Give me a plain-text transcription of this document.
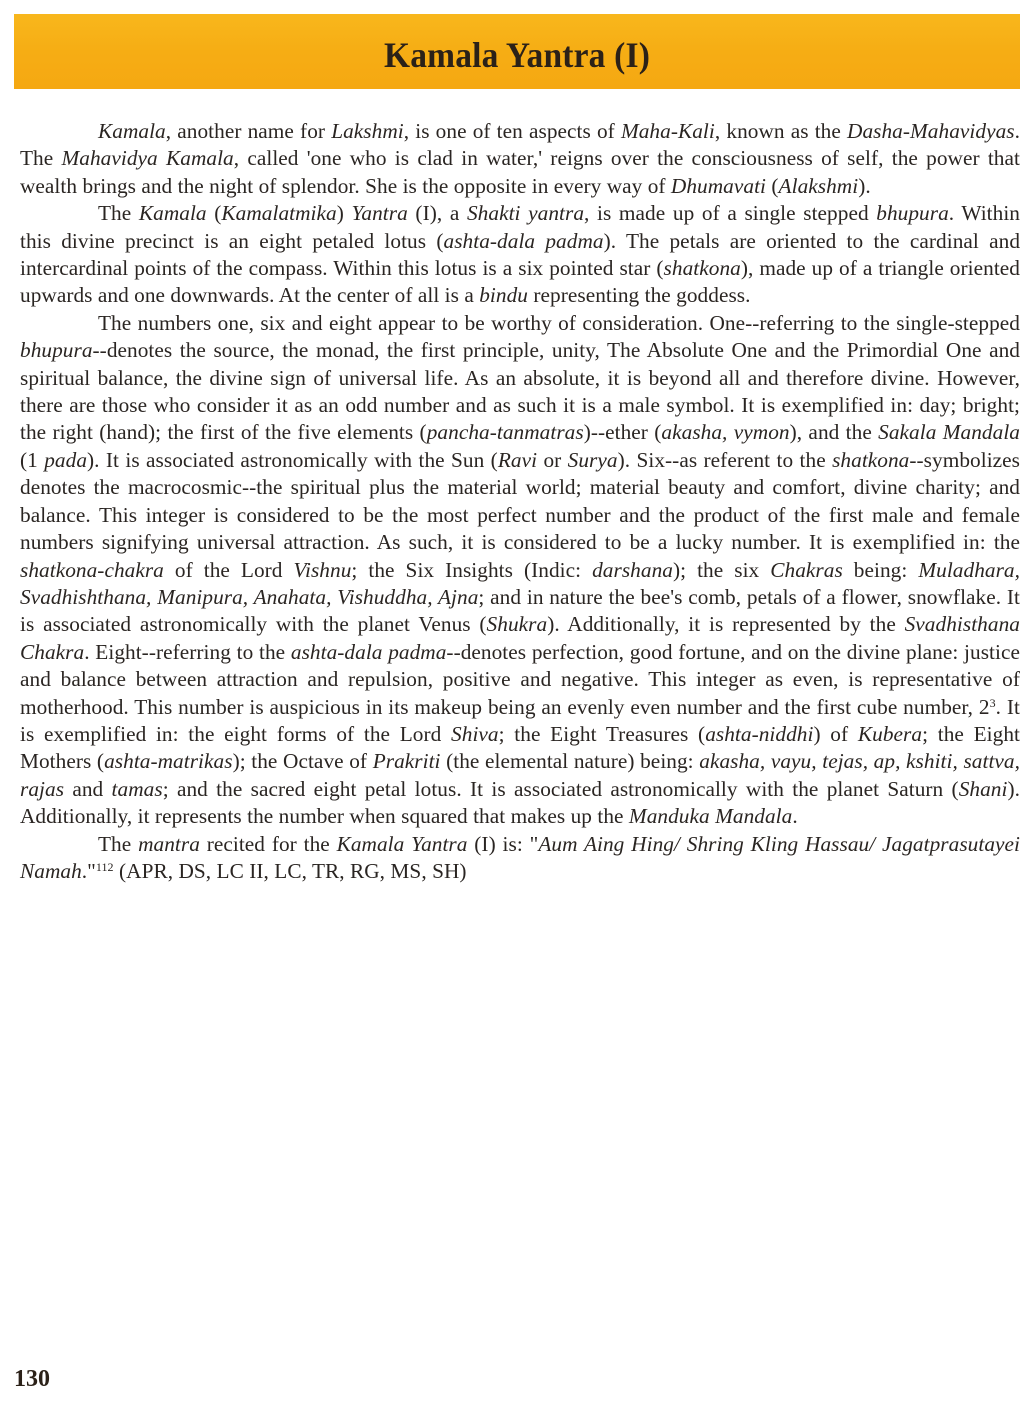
Kamala Yantra (I)

Kamala, another name for Lakshmi, is one of ten aspects of Maha-Kali, known as the Dasha-Mahavidyas. The Mahavidya Kamala, called 'one who is clad in water,' reigns over the consciousness of self, the power that wealth brings and the night of splendor. She is the opposite in every way of Dhumavati (Alakshmi).

The Kamala (Kamalatmika) Yantra (I), a Shakti yantra, is made up of a single stepped bhupura. Within this divine precinct is an eight petaled lotus (ashta-dala padma). The petals are oriented to the cardinal and intercardinal points of the compass. Within this lotus is a six pointed star (shatkona), made up of a triangle oriented upwards and one downwards. At the center of all is a bindu representing the goddess.

The numbers one, six and eight appear to be worthy of consideration. One--referring to the single-stepped bhupura--denotes the source, the monad, the first principle, unity, The Absolute One and the Primordial One and spiritual balance, the divine sign of universal life. As an absolute, it is beyond all and therefore divine. However, there are those who consider it as an odd number and as such it is a male symbol. It is exemplified in: day; bright; the right (hand); the first of the five elements (pancha-tanmatras)--ether (akasha, vymon), and the Sakala Mandala (1 pada). It is associated astronomically with the Sun (Ravi or Surya). Six--as referent to the shatkona--symbolizes denotes the macrocosmic--the spiritual plus the material world; material beauty and comfort, divine charity; and balance. This integer is considered to be the most perfect number and the product of the first male and female numbers signifying universal attraction. As such, it is considered to be a lucky number. It is exemplified in: the shatkona-chakra of the Lord Vishnu; the Six Insights (Indic: darshana); the six Chakras being: Muladhara, Svadhishthana, Manipura, Anahata, Vishuddha, Ajna; and in nature the bee's comb, petals of a flower, snowflake. It is associated astronomically with the planet Venus (Shukra). Additionally, it is represented by the Svadhisthana Chakra. Eight--referring to the ashta-dala padma--denotes perfection, good fortune, and on the divine plane: justice and balance between attraction and repulsion, positive and negative. This integer as even, is representative of motherhood. This number is auspicious in its makeup being an evenly even number and the first cube number, $2^3$. It is exemplified in: the eight forms of the Lord Shiva; the Eight Treasures (ashta-niddhi) of Kubera; the Eight Mothers (ashta-matrikas); the Octave of Prakriti (the elemental nature) being: akasha, vayu, tejas, ap, kshiti, sattva, rajas and tamas; and the sacred eight petal lotus. It is associated astronomically with the planet Saturn (Shani). Additionally, it represents the number when squared that makes up the Manduka Mandala.

The mantra recited for the Kamala Yantra (I) is: "Aum Aing Hing/ Shring Kling Hassau/ Jagatprasutayei Namah."$^{112}$ (APR, DS, LC II, LC, TR, RG, MS, SH)

130
